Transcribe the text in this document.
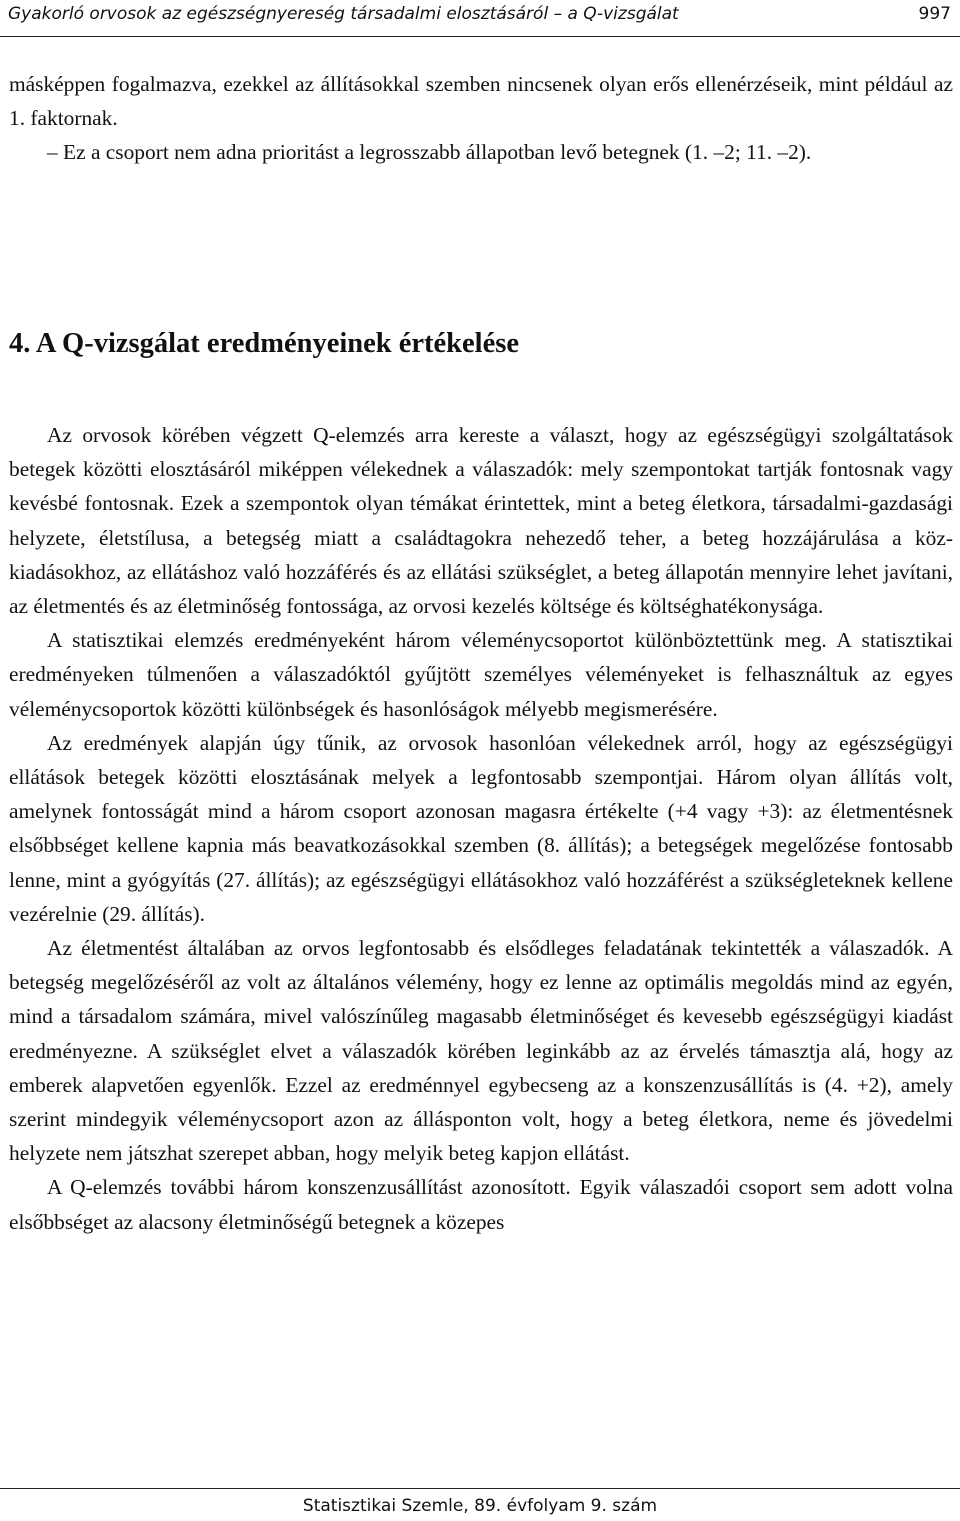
Gyakorló orvosok az egészségnyereség társadalmi elosztásáról – a Q-vizsgálat	997

másképpen fogalmazva, ezekkel az állításokkal szemben nincsenek olyan erős ellenérzéseik, mint például az 1. faktornak.

– Ez a csoport nem adna prioritást a legrosszabb állapotban levő betegnek (1. –2; 11. –2).

4. A Q-vizsgálat eredményeinek értékelése

Az orvosok körében végzett Q-elemzés arra kereste a választ, hogy az egészségügyi szolgáltatások betegek közötti elosztásáról miképpen vélekednek a válaszadók: mely szempontokat tartják fontosnak vagy kevésbé fontosnak. Ezek a szempontok olyan témákat érintettek, mint a beteg életkora, társadalmi-gazdasági helyzete, életstílusa, a betegség miatt a családtagokra nehezedő teher, a beteg hozzájárulása a közkiadásokhoz, az ellátáshoz való hozzáférés és az ellátási szükséglet, a beteg állapotán mennyire lehet javítani, az életmentés és az életminőség fontossága, az orvosi kezelés költsége és költséghatékonysága.

A statisztikai elemzés eredményeként három véleménycsoportot különböztettünk meg. A statisztikai eredményeken túlmenően a válaszadóktól gyűjtött személyes véleményeket is felhasználtuk az egyes véleménycsoportok közötti különbségek és hasonlóságok mélyebb megismerésére.

Az eredmények alapján úgy tűnik, az orvosok hasonlóan vélekednek arról, hogy az egészségügyi ellátások betegek közötti elosztásának melyek a legfontosabb szempontjai. Három olyan állítás volt, amelynek fontosságát mind a három csoport azonosan magasra értékelte (+4 vagy +3): az életmentésnek elsőbbséget kellene kapnia más beavatkozásokkal szemben (8. állítás); a betegségek megelőzése fontosabb lenne, mint a gyógyítás (27. állítás); az egészségügyi ellátásokhoz való hozzáférést a szükségleteknek kellene vezérelnie (29. állítás).

Az életmentést általában az orvos legfontosabb és elsődleges feladatának tekintették a válaszadók. A betegség megelőzéséről az volt az általános vélemény, hogy ez lenne az optimális megoldás mind az egyén, mind a társadalom számára, mivel valószínűleg magasabb életminőséget és kevesebb egészségügyi kiadást eredményezne. A szükséglet elvet a válaszadók körében leginkább az az érvelés támasztja alá, hogy az emberek alapvetően egyenlők. Ezzel az eredménnyel egybecseng az a konszenzusállítás is (4. +2), amely szerint mindegyik véleménycsoport azon az állásponton volt, hogy a beteg életkora, neme és jövedelmi helyzete nem játszhat szerepet abban, hogy melyik beteg kapjon ellátást.

A Q-elemzés további három konszenzusállítást azonosított. Egyik válaszadói csoport sem adott volna elsőbbséget az alacsony életminőségű betegnek a közepes

Statisztikai Szemle, 89. évfolyam 9. szám
